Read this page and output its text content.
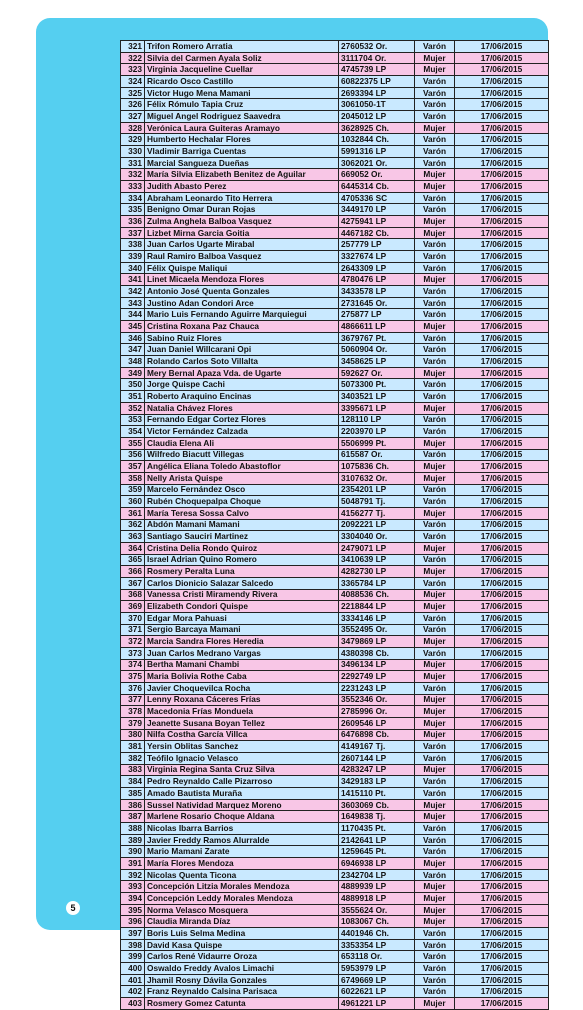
321	Trifon Romero Arratia	2760532 Or.	Varón	17/06/2015
322	Silvia del Carmen Ayala Soliz	3111704 Or.	Mujer	17/06/2015
323	Virginia Jacqueline Cuellar	4745739 LP	Mujer	17/06/2015
324	Ricardo Osco Castillo	60822375 LP	Varón	17/06/2015
325	Victor Hugo Mena Mamani	2693394 LP	Varón	17/06/2015
326	Félix Rómulo Tapia Cruz	3061050-1T	Varón	17/06/2015
327	Miguel Angel Rodriguez Saavedra	2045012 LP	Varón	17/06/2015
328	Verónica Laura Guiteras Aramayo	3628925 Ch.	Mujer	17/06/2015
329	Humberto Hechalar Flores	1032844 Ch.	Varón	17/06/2015
330	Vladimir Barriga Cuentas	5991316 LP	Varón	17/06/2015
331	Marcial Sangueza Dueñas	3062021 Or.	Varón	17/06/2015
332	María Silvia Elizabeth Benitez de Aguilar	669052 Or.	Mujer	17/06/2015
333	Judith Abasto Perez	6445314 Cb.	Mujer	17/06/2015
334	Abraham Leonardo Tito Herrera	4705336 SC	Varón	17/06/2015
335	Benigno Omar Duran Rojas	3449170 LP	Varón	17/06/2015
336	Zulma Anghela Balboa Vasquez	4275941 LP	Mujer	17/06/2015
337	Lizbet Mirna Garcia Goitia	4467182 Cb.	Mujer	17/06/2015
338	Juan Carlos Ugarte Mirabal	257779 LP	Varón	17/06/2015
339	Raul Ramiro Balboa Vasquez	3327674 LP	Varón	17/06/2015
340	Félix Quispe Maliqui	2643309 LP	Varón	17/06/2015
341	Linet Micaela Mendoza Flores	4780476 LP	Mujer	17/06/2015
342	Antonio José Quenta Gonzales	3433578 LP	Varón	17/06/2015
343	Justino Adan Condori Arce	2731645 Or.	Varón	17/06/2015
344	Mario Luis Fernando Aguirre Marquiegui	275877 LP	Varón	17/06/2015
345	Cristina Roxana Paz Chauca	4866611 LP	Mujer	17/06/2015
346	Sabino Ruiz Flores	3679767 Pt.	Varón	17/06/2015
347	Juan Daniel Willcarani Opi	5060904 Or.	Varón	17/06/2015
348	Rolando Carlos Soto Villalta	3458625 LP	Varón	17/06/2015
349	Mery Bernal Apaza Vda. de Ugarte	592627 Or.	Mujer	17/06/2015
350	Jorge Quispe Cachi	5073300 Pt.	Varón	17/06/2015
351	Roberto Araquino Encinas	3403521 LP	Varón	17/06/2015
352	Natalia Chávez Flores	3395671 LP	Mujer	17/06/2015
353	Fernando Edgar Cortez Flores	128110 LP	Varón	17/06/2015
354	Victor Fernández Calzada	2203970 LP	Varón	17/06/2015
355	Claudia Elena Ali	5506999 Pt.	Mujer	17/06/2015
356	Wilfredo Biacutt Villegas	615587 Or.	Varón	17/06/2015
357	Angélica Eliana Toledo Abastoflor	1075836 Ch.	Mujer	17/06/2015
358	Nelly Arista Quispe	3107632 Or.	Mujer	17/06/2015
359	Marcelo Fernández Osco	2354201 LP	Varón	17/06/2015
360	Rubén Choquepalpa Choque	5048791 Tj.	Varón	17/06/2015
361	María Teresa Sossa Calvo	4156277 Tj.	Mujer	17/06/2015
362	Abdón Mamani Mamani	2092221 LP	Varón	17/06/2015
363	Santiago Sauciri Martinez	3304040 Or.	Varón	17/06/2015
364	Cristina Delia Rondo Quiroz	2479071 LP	Mujer	17/06/2015
365	Israel Adrian Quino Romero	3410639 LP	Varón	17/06/2015
366	Rosmery Peralta Luna	4282730 LP	Mujer	17/06/2015
367	Carlos Dionicio Salazar Salcedo	3365784 LP	Varón	17/06/2015
368	Vanessa Cristi Miramendy Rivera	4088536 Ch.	Mujer	17/06/2015
369	Elizabeth Condori Quispe	2218844 LP	Mujer	17/06/2015
370	Edgar Mora Pahuasi	3334146 LP	Varón	17/06/2015
371	Sergio Barcaya Mamani	3552495 Or.	Varón	17/06/2015
372	Marcia Sandra Flores Heredia	3479869 LP	Mujer	17/06/2015
373	Juan Carlos Medrano Vargas	4380398 Cb.	Varón	17/06/2015
374	Bertha Mamani Chambi	3496134 LP	Mujer	17/06/2015
375	Maria Bolivia Rothe Caba	2292749 LP	Mujer	17/06/2015
376	Javier Choquevilca Rocha	2231243 LP	Varón	17/06/2015
377	Lenny Roxana Cáceres Frías	3552346 Or.	Mujer	17/06/2015
378	Macedonia Frías Monduela	2785996 Or.	Mujer	17/06/2015
379	Jeanette Susana Boyan Tellez	2609546 LP	Mujer	17/06/2015
380	Nilfa Costha García Villca	6476898 Cb.	Mujer	17/06/2015
381	Yersin Oblitas Sanchez	4149167 Tj.	Varón	17/06/2015
382	Teófilo Ignacio Velasco	2607144 LP	Varón	17/06/2015
383	Virginia Regina Santa Cruz Silva	4283247 LP	Mujer	17/06/2015
384	Pedro Reynaldo Calle Pizarroso	3429183 LP	Varón	17/06/2015
385	Amado Bautista Muraña	1415110 Pt.	Varón	17/06/2015
386	Sussel Natividad Marquez Moreno	3603069 Cb.	Mujer	17/06/2015
387	Marlene Rosario Choque Aldana	1649838 Tj.	Mujer	17/06/2015
388	Nicolas Ibarra Barrios	1170435 Pt.	Varón	17/06/2015
389	Javier Freddy Ramos Alurralde	2142641 LP	Varón	17/06/2015
390	Mario Mamani Zarate	1259645 Pt.	Varón	17/06/2015
391	María Flores Mendoza	6946938 LP	Mujer	17/06/2015
392	Nicolas Quenta Ticona	2342704 LP	Varón	17/06/2015
393	Concepción Litzia Morales Mendoza	4889939 LP	Mujer	17/06/2015
394	Concepción Leddy Morales Mendoza	4889918 LP	Mujer	17/06/2015
395	Norma Velasco Mosquera	3555624 Or.	Mujer	17/06/2015
396	Claudia Miranda Díaz	1083067 Ch.	Mujer	17/06/2015
397	Boris Luis Selma Medina	4401946 Ch.	Varón	17/06/2015
398	David Kasa Quispe	3353354 LP	Varón	17/06/2015
399	Carlos René Vidaurre Oroza	653118 Or.	Varón	17/06/2015
400	Oswaldo Freddy Avalos Limachi	5953979 LP	Varón	17/06/2015
401	Jhamil Rosny Dávila Gonzales	6749669 LP	Varón	17/06/2015
402	Franz Reynaldo Calsina Parisaca	6022621 LP	Varón	17/06/2015
403	Rosmery Gomez Catunta	4961221 LP	Mujer	17/06/2015
5
